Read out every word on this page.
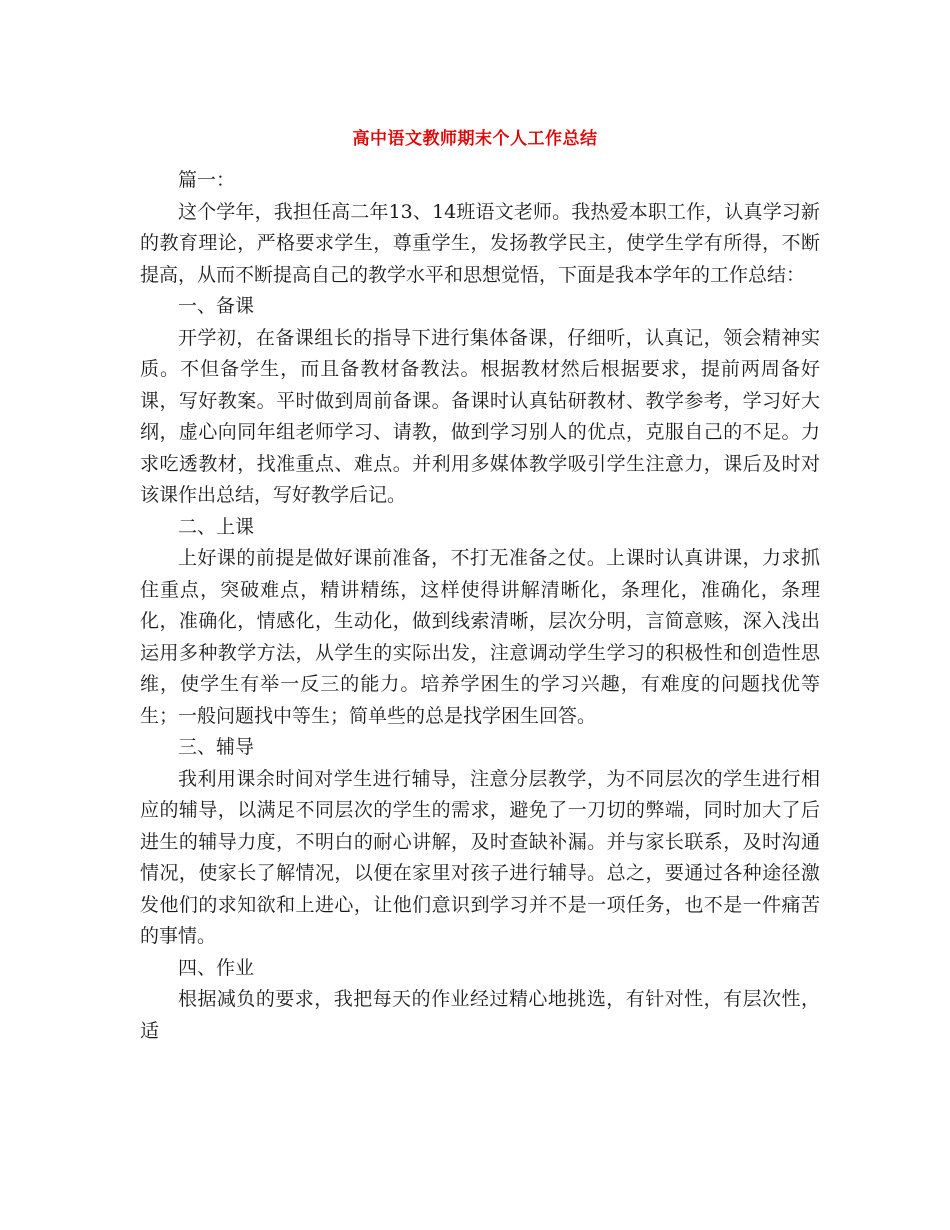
高中语文教师期末个人工作总结

篇一：

这个学年，我担任高二年13、14班语文老师。我热爱本职工作，认真学习新的教育理论，严格要求学生，尊重学生，发扬教学民主，使学生学有所得，不断提高，从而不断提高自己的教学水平和思想觉悟，下面是我本学年的工作总结：

一、备课

开学初，在备课组长的指导下进行集体备课，仔细听，认真记，领会精神实质。不但备学生，而且备教材备教法。根据教材然后根据要求，提前两周备好课，写好教案。平时做到周前备课。备课时认真钻研教材、教学参考，学习好大纲，虚心向同年组老师学习、请教，做到学习别人的优点，克服自己的不足。力求吃透教材，找准重点、难点。并利用多媒体教学吸引学生注意力，课后及时对该课作出总结，写好教学后记。

二、上课

上好课的前提是做好课前准备，不打无准备之仗。上课时认真讲课，力求抓住重点，突破难点，精讲精练，这样使得讲解清晰化，条理化，准确化，条理化，准确化，情感化，生动化，做到线索清晰，层次分明，言简意赅，深入浅出运用多种教学方法，从学生的实际出发，注意调动学生学习的积极性和创造性思维，使学生有举一反三的能力。培养学困生的学习兴趣，有难度的问题找优等生；一般问题找中等生；简单些的总是找学困生回答。

三、辅导

我利用课余时间对学生进行辅导，注意分层教学，为不同层次的学生进行相应的辅导，以满足不同层次的学生的需求，避免了一刀切的弊端，同时加大了后进生的辅导力度，不明白的耐心讲解，及时查缺补漏。并与家长联系，及时沟通情况，使家长了解情况，以便在家里对孩子进行辅导。总之，要通过各种途径激发他们的求知欲和上进心，让他们意识到学习并不是一项任务，也不是一件痛苦的事情。

四、作业

根据减负的要求，我把每天的作业经过精心地挑选，有针对性，有层次性，适
